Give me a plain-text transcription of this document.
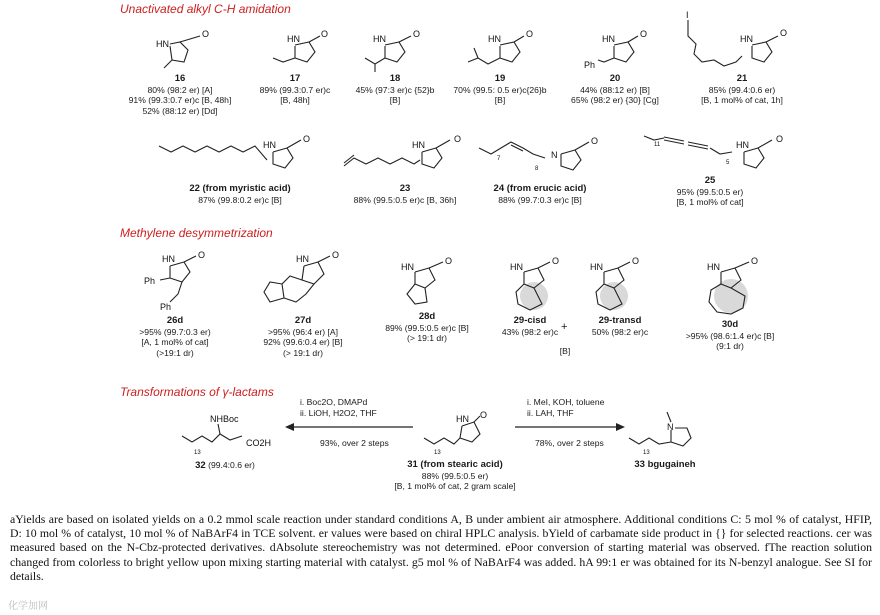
Unactivated alkyl C-H amidation
Methylene desymmetrization
Transformations of γ-lactams
HN
O	HN O	HN	O	HN	O	HN	O
Ph
I
HN
O
HN
O
HN
O
N
O
7
8
HN
O
11
5
HN	O
Ph
Ph
HN	O
HN
O
HN
O
HN
O
HN
O
+
NHBoc
CO2H
13
HN O
13
N
13
i. Boc2O, DMAPd
ii. LiOH, H2O2, THF
93%, over 2 steps
i. MeI, KOH, toluene
ii. LAH, THF
78%, over 2 steps
16
80% (98:2 er) [A]
91% (99.3:0.7 er)c [B, 48h]
52% (88:12 er) [Dd]
17
89% (99.3:0.7 er)c
[B, 48h]
18
45% (97:3 er)c {52}b
[B]
19
70% (99.5: 0.5 er)c{26}b
[B]
20
44% (88:12 er) [B]
65% (98:2 er) {30} [Cg]
21
85% (99.4:0.6 er)
[B, 1 mol% of cat, 1h]
22 (from myristic acid)
87% (99.8:0.2 er)c [B]
23
88% (99.5:0.5 er)c [B, 36h]
24 (from erucic acid)
88% (99.7:0.3 er)c [B]
25
95% (99.5:0.5 er)
[B, 1 mol% of cat]
26d
>95% (99.7:0.3 er)
[A, 1 mol% of cat]
(>19:1 dr)
27d
>95% (96:4 er) [A]
92% (99.6:0.4 er) [B]
(> 19:1 dr)
28d
89% (99.5:0.5 er)c [B]
(> 19:1 dr)
29-cisd
43% (98:2 er)c
29-transd
50% (98:2 er)c
[B]
30d
>95% (98.6:1.4 er)c [B]
(9:1 dr)
31 (from stearic acid)
88% (99.5:0.5 er)
[B, 1 mol% of cat, 2 gram scale]
32 (99.4:0.6 er)	33 bgugaineh

aYields are based on isolated yields on a 0.2 mmol scale reaction under standard conditions A, B under ambient air atmosphere. Additional conditions C: 5 mol % of catalyst, HFIP, D: 10 mol % of catalyst, 10 mol % of NaBArF4 in TCE solvent. er values were based on chiral HPLC analysis. bYield of carbamate side product in {} for selected reactions. cer was measured based on the N-Cbz-protected derivatives. dAbsolute stereochemistry was not determined. ePoor conversion of starting material was observed. fThe reaction solution changed from colorless to bright yellow upon mixing starting material with catalyst. g5 mol % of NaBArF4 was added. hA 99:1 er was obtained for its N-benzyl analogue. See SI for details.

化学加网
